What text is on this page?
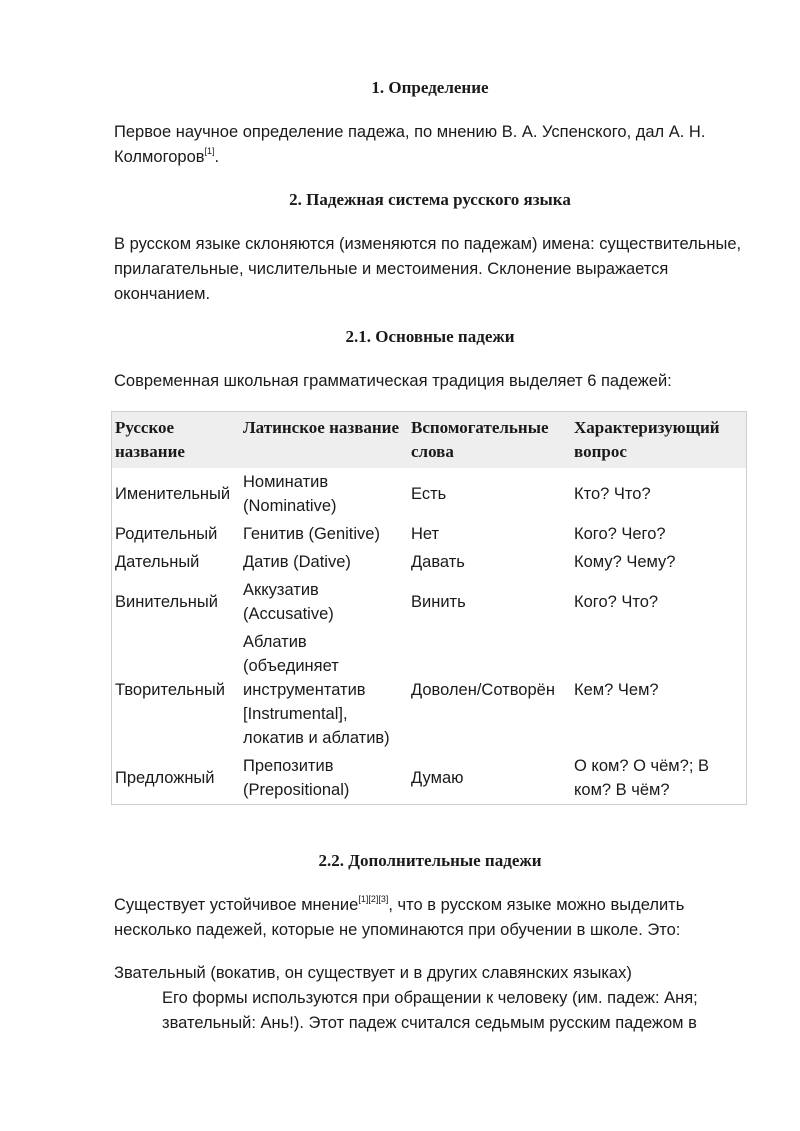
1. Определение

Первое научное определение падежа, по мнению В. А. Успенского, дал А. Н. Колмогоров[1].

2. Падежная система русского языка

В русском языке склоняются (изменяются по падежам) имена: существительные, прилагательные, числительные и местоимения. Склонение выражается окончанием.

2.1. Основные падежи

Современная школьная грамматическая традиция выделяет 6 падежей:

Русское название	Латинское название	Вспомогательные слова	Характеризующий вопрос
Именительный	Номинатив (Nominative)	Есть	Кто? Что?
Родительный	Генитив (Genitive)	Нет	Кого? Чего?
Дательный	Датив (Dative)	Давать	Кому? Чему?
Винительный	Аккузатив (Accusative)	Винить	Кого? Что?
Творительный	Аблатив (объединяет инструментатив [Instrumental], локатив и аблатив)	Доволен/Сотворён	Кем? Чем?
Предложный	Препозитив (Prepositional)	Думаю	О ком? О чём?; В ком? В чём?
2.2. Дополнительные падежи

Существует устойчивое мнение[1][2][3], что в русском языке можно выделить несколько падежей, которые не упоминаются при обучении в школе. Это:

Звательный (вокатив, он существует и в других славянских языках)

Его формы используются при обращении к человеку (им. падеж: Аня; звательный: Ань!). Этот падеж считался седьмым русским падежом в
